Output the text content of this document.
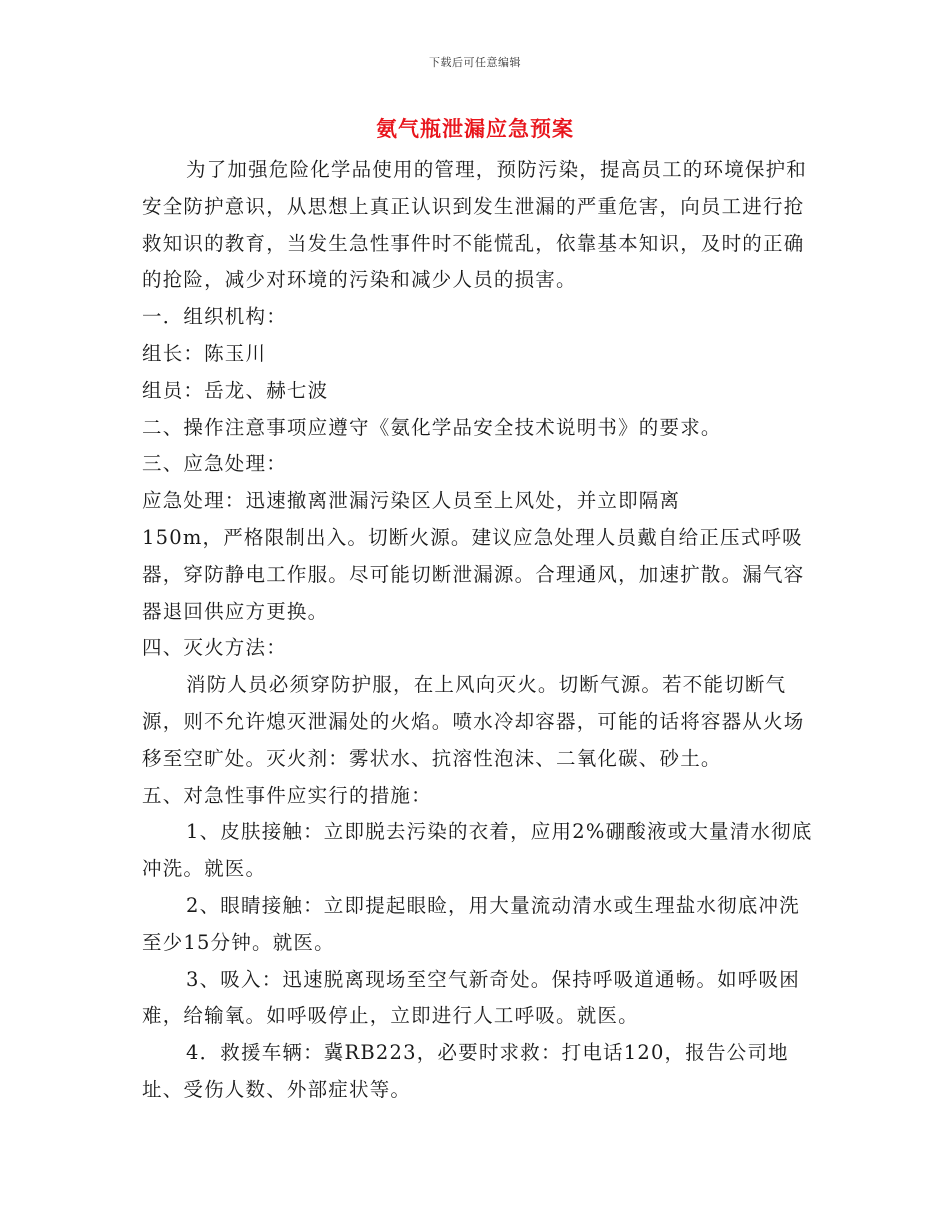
下载后可任意编辑
氨气瓶泄漏应急预案

为了加强危险化学品使用的管理，预防污染，提高员工的环境保护和安全防护意识，从思想上真正认识到发生泄漏的严重危害，向员工进行抢救知识的教育，当发生急性事件时不能慌乱，依靠基本知识，及时的正确的抢险，减少对环境的污染和减少人员的损害。

一．组织机构：

组长：陈玉川

组员：岳龙、赫七波

二、操作注意事项应遵守《氨化学品安全技术说明书》的要求。

三、应急处理：

应急处理：迅速撤离泄漏污染区人员至上风处，并立即隔离

150m，严格限制出入。切断火源。建议应急处理人员戴自给正压式呼吸器，穿防静电工作服。尽可能切断泄漏源。合理通风，加速扩散。漏气容器退回供应方更换。

四、灭火方法：

消防人员必须穿防护服，在上风向灭火。切断气源。若不能切断气源，则不允许熄灭泄漏处的火焰。喷水冷却容器，可能的话将容器从火场移至空旷处。灭火剂：雾状水、抗溶性泡沫、二氧化碳、砂土。

五、对急性事件应实行的措施：

1、皮肤接触：立即脱去污染的衣着，应用2%硼酸液或大量清水彻底冲洗。就医。

2、眼睛接触：立即提起眼睑，用大量流动清水或生理盐水彻底冲洗至少15分钟。就医。

3、吸入：迅速脱离现场至空气新奇处。保持呼吸道通畅。如呼吸困难，给输氧。如呼吸停止，立即进行人工呼吸。就医。

4．救援车辆：冀RB223，必要时求救：打电话120，报告公司地址、受伤人数、外部症状等。
